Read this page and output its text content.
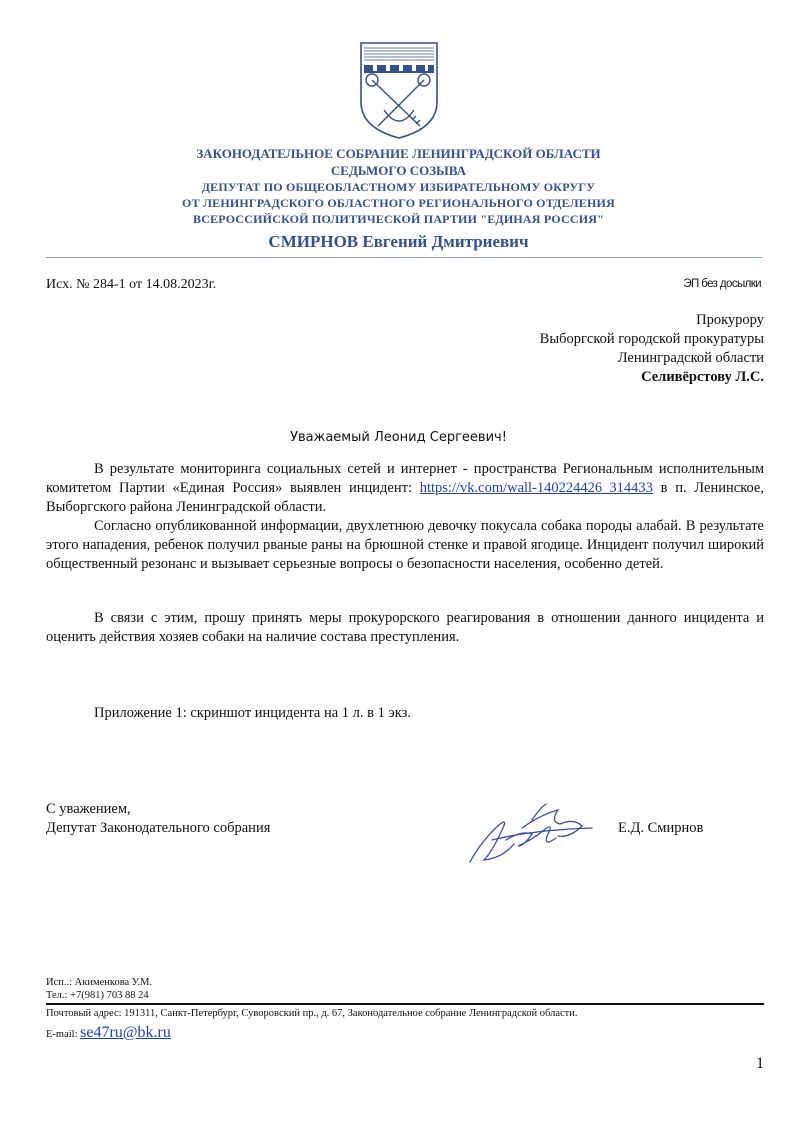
ЗАКОНОДАТЕЛЬНОЕ СОБРАНИЕ ЛЕНИНГРАДСКОЙ ОБЛАСТИ
СЕДЬМОГО СОЗЫВА
ДЕПУТАТ ПО ОБЩЕОБЛАСТНОМУ ИЗБИРАТЕЛЬНОМУ ОКРУГУ
ОТ ЛЕНИНГРАДСКОГО ОБЛАСТНОГО РЕГИОНАЛЬНОГО ОТДЕЛЕНИЯ
ВСЕРОССИЙСКОЙ ПОЛИТИЧЕСКОЙ ПАРТИИ "ЕДИНАЯ РОССИЯ"
СМИРНОВ Евгений Дмитриевич
Исх. № 284-1 от 14.08.2023г.	ЭП без досылки
Прокурору
Выборгской городской прокуратуры
Ленинградской области
Селивёрстову Л.С.
Уважаемый Леонид Сергеевич!
В результате мониторинга социальных сетей и интернет - пространства Региональным исполнительным комитетом Партии «Единая Россия» выявлен инцидент: https://vk.com/wall-140224426_314433 в п. Ленинское, Выборгского района Ленинградской области.
Согласно опубликованной информации, двухлетнюю девочку покусала собака породы алабай. В результате этого нападения, ребенок получил рваные раны на брюшной стенке и правой ягодице. Инцидент получил широкий общественный резонанс и вызывает серьезные вопросы о безопасности населения, особенно детей.
В связи с этим, прошу принять меры прокурорского реагирования в отношении данного инцидента и оценить действия хозяев собаки на наличие состава преступления.
Приложение 1: скриншот инцидента на 1 л. в 1 экз.
С уважением,
Депутат Законодательного собрания	Е.Д. Смирнов
Исп..: Акименкова У.М.
Тел.: +7(981) 703 88 24
Почтовый адрес: 191311, Санкт-Петербург, Суворовский пр., д. 67, Законодательное собрание Ленинградской области.
E-mail: se47ru@bk.ru
1
